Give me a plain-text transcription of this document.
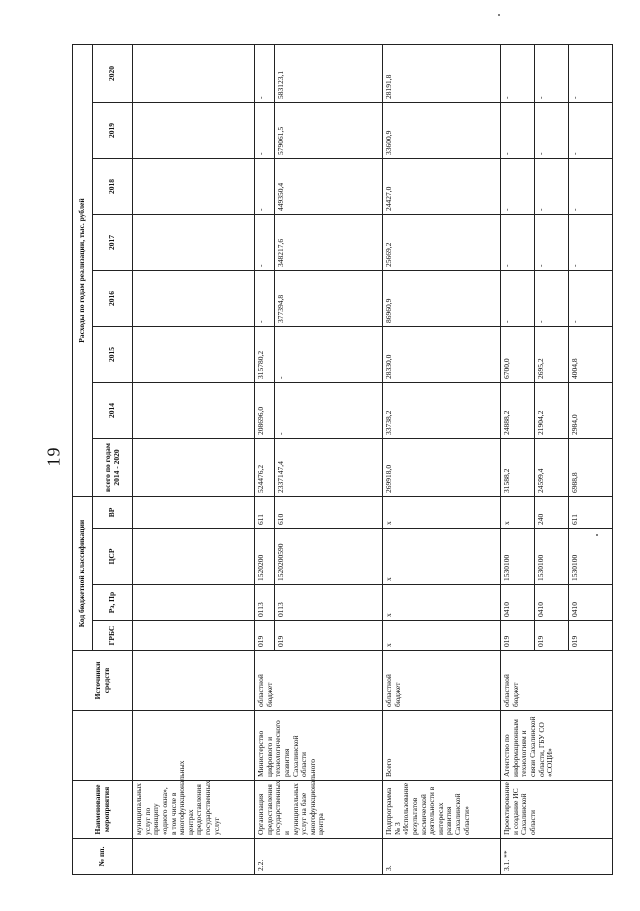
19
№ пп.	Наименование мероприятия		Источники средств	Код бюджетной классификации				Расходы по годам реализации, тыс. рублей							
				ГРБС	Рз, Пр	ЦСР	ВР	всего по годам 2014 - 2020	2014	2015	2016	2017	2018	2019	2020
	муниципальных услуг по принципу «одного окна», в том числе в многофункциональных центрах предоставления государственных услуг														
2.2.	Организация предоставления государственных и муниципальных услуг на базе многофункционального центра	Министерство цифрового и технологического развития Сахалинской области	областной бюджет	019	0113	1520200	611	524476,2	208696,0	315780,2	-	-	-	-	-
				019	0113	1520200590	610	2337147,4	-	-	377394,8	348217,6	449350,4	579061,5	583123,1
3.	Подпрограмма № 3 «Использование результатов космической деятельности в интересах развития Сахалинской области»	Всего	областной бюджет	x	x	x	x	269918,0	33738,2	28330,0	86960,9	25669,2	24427,0	33600,9	28191,8
3.1. **	Проектирование и создание ИС Сахалинской области	Агентство по информационным технологиям и связи Сахалинской области, ГБУ СО «СОЦИ»	областной бюджет	019	0410	1530100	x	31588,2	24888,2	6700,0	-	-	-	-	-
				019	0410	1530100	240	24599,4	21904,2	2695,2	-	-	-	-	-
				019	0410	1530100	611	6988,8	2984,0	4004,8	-	-	-	-	-
